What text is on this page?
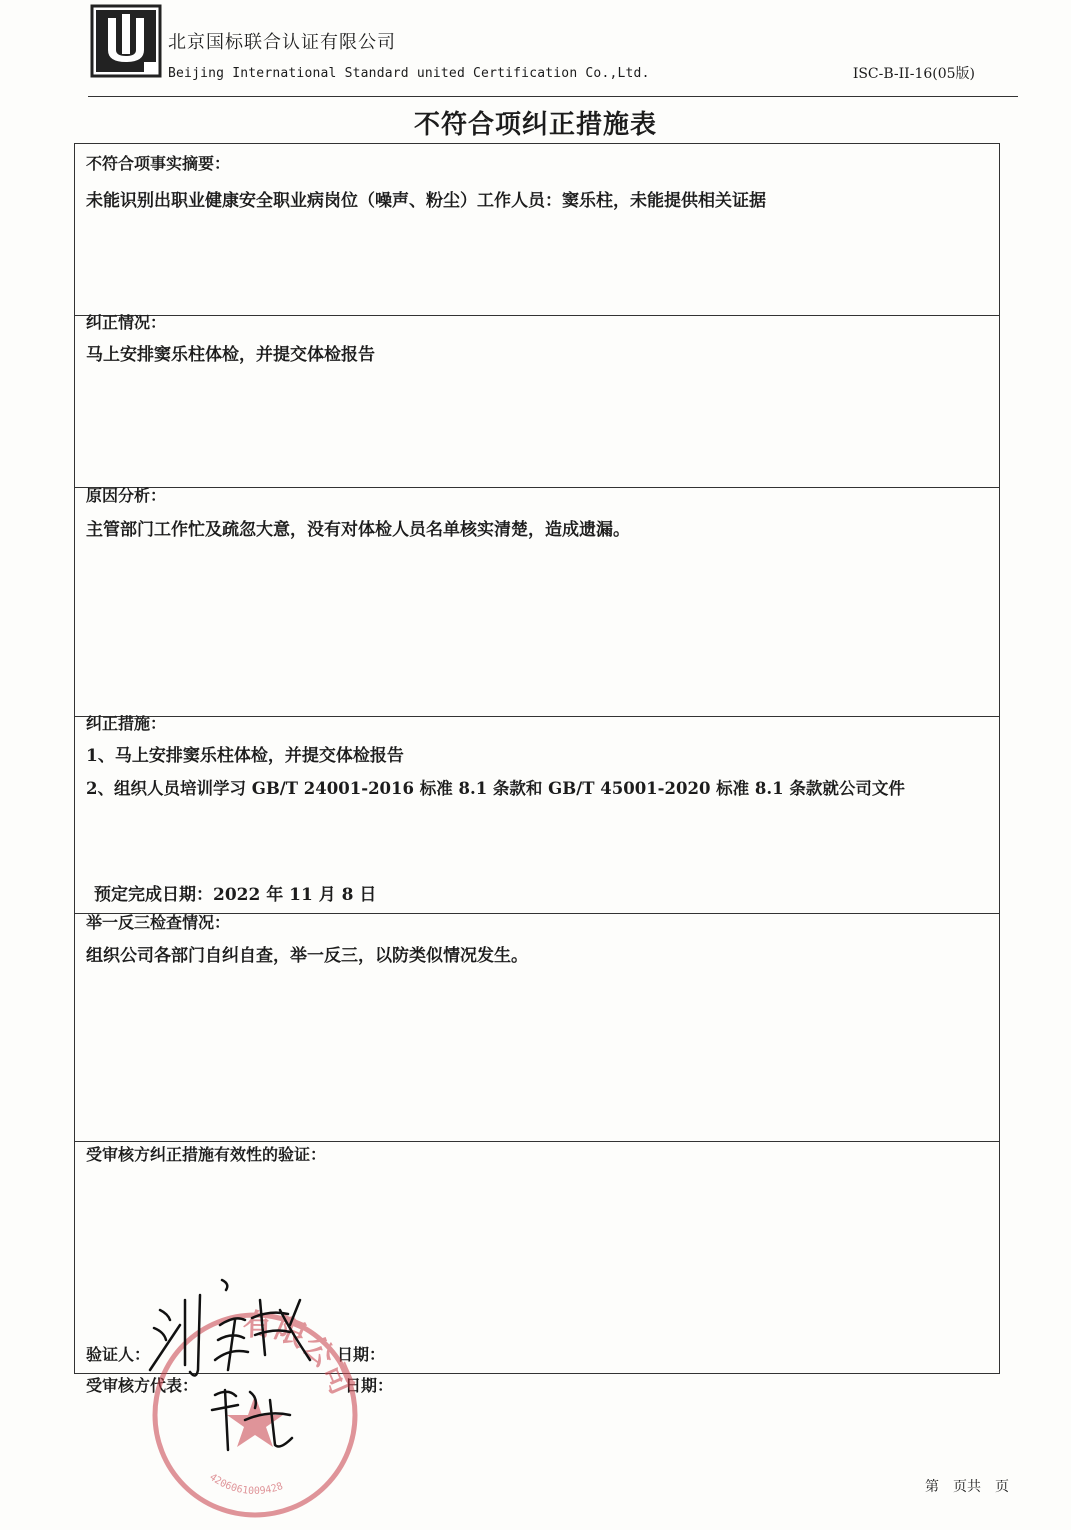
北京国标联合认证有限公司
Beijing International Standard united Certification Co.,Ltd.	ISC-B-II-16(05版)
不符合项纠正措施表
不符合项事实摘要：
未能识别出职业健康安全职业病岗位（噪声、粉尘）工作人员：窦乐柱，未能提供相关证据
纠正情况：
马上安排窦乐柱体检，并提交体检报告
原因分析：
主管部门工作忙及疏忽大意，没有对体检人员名单核实清楚，造成遗漏。
纠正措施：
1、马上安排窦乐柱体检，并提交体检报告
2、组织人员培训学习 GB/T 24001-2016 标准 8.1 条款和 GB/T 45001-2020 标准 8.1 条款就公司文件
预定完成日期：2022 年 11 月 8 日
举一反三检查情况：
组织公司各部门自纠自查，举一反三，以防类似情况发生。
受审核方纠正措施有效性的验证：
验证人：	日期：
受审核方代表：	日期：
有限公司
4206061009428	第　页共　页
